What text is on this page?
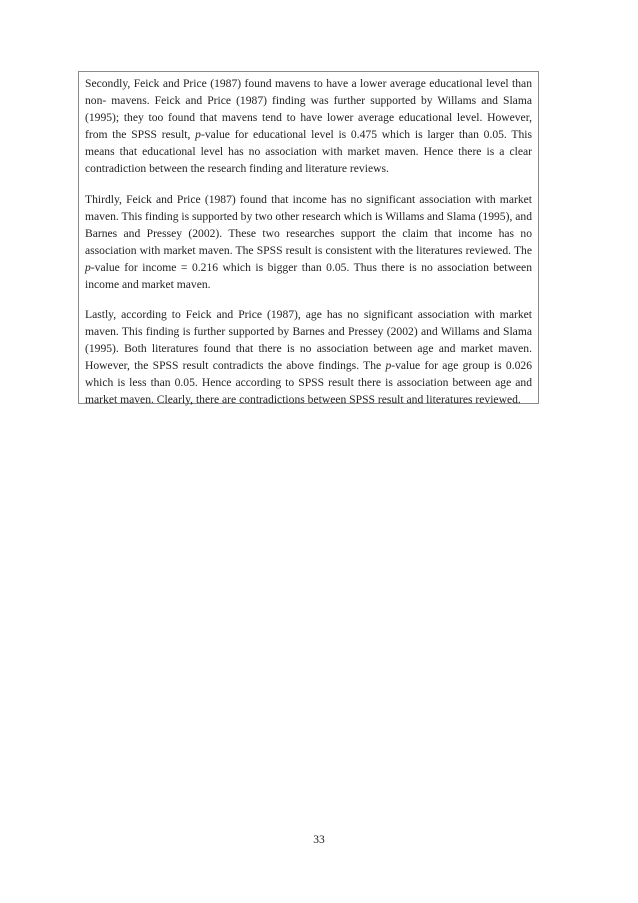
Secondly, Feick and Price (1987) found mavens to have a lower average educational level than non- mavens. Feick and Price (1987) finding was further supported by Willams and Slama (1995); they too found that mavens tend to have lower average educational level. However, from the SPSS result, p-value for educational level is 0.475 which is larger than 0.05. This means that educational level has no association with market maven. Hence there is a clear contradiction between the research finding and literature reviews.

Thirdly, Feick and Price (1987) found that income has no significant association with market maven. This finding is supported by two other research which is Willams and Slama (1995), and Barnes and Pressey (2002). These two researches support the claim that income has no association with market maven. The SPSS result is consistent with the literatures reviewed. The p-value for income = 0.216 which is bigger than 0.05. Thus there is no association between income and market maven.

Lastly, according to Feick and Price (1987), age has no significant association with market maven. This finding is further supported by Barnes and Pressey (2002) and Willams and Slama (1995). Both literatures found that there is no association between age and market maven. However, the SPSS result contradicts the above findings. The p-value for age group is 0.026 which is less than 0.05. Hence according to SPSS result there is association between age and market maven. Clearly, there are contradictions between SPSS result and literatures reviewed.

33
